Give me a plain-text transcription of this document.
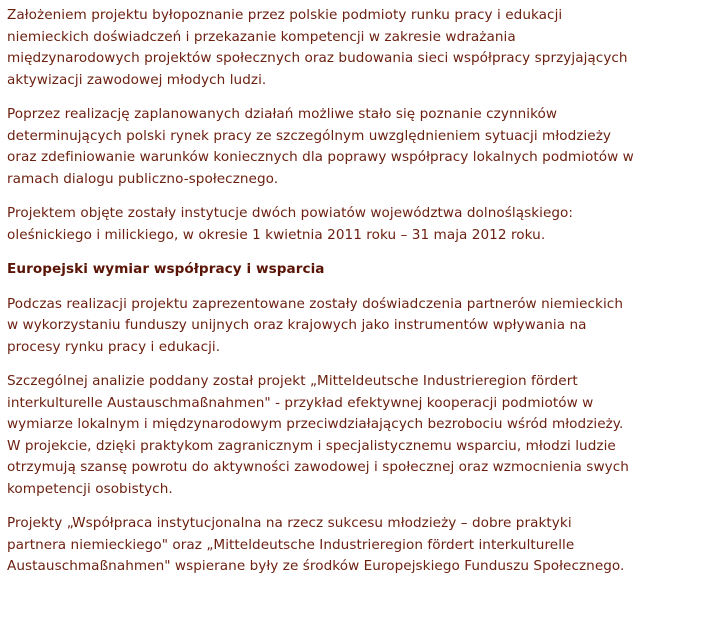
Założeniem projektu byłopoznanie przez polskie podmioty runku pracy i edukacji
niemieckich doświadczeń i przekazanie kompetencji w zakresie wdrażania
międzynarodowych projektów społecznych oraz budowania sieci współpracy sprzyjających
aktywizacji zawodowej młodych ludzi.

Poprzez realizację zaplanowanych działań możliwe stało się poznanie czynników
determinujących polski rynek pracy ze szczególnym uwzględnieniem sytuacji młodzieży
oraz zdefiniowanie warunków koniecznych dla poprawy współpracy lokalnych podmiotów w
ramach dialogu publiczno-społecznego.

Projektem objęte zostały instytucje dwóch powiatów województwa dolnośląskiego:
oleśnickiego i milickiego, w okresie 1 kwietnia 2011 roku – 31 maja 2012 roku.

Europejski wymiar współpracy i wsparcia

Podczas realizacji projektu zaprezentowane zostały doświadczenia partnerów niemieckich
w wykorzystaniu funduszy unijnych oraz krajowych jako instrumentów wpływania na
procesy rynku pracy i edukacji.

Szczególnej analizie poddany został projekt „Mitteldeutsche Industrieregion fördert
interkulturelle Austauschmaßnahmen" - przykład efektywnej kooperacji podmiotów w
wymiarze lokalnym i międzynarodowym przeciwdziałających bezrobociu wśród młodzieży.
W projekcie, dzięki praktykom zagranicznym i specjalistycznemu wsparciu, młodzi ludzie
otrzymują szansę powrotu do aktywności zawodowej i społecznej oraz wzmocnienia swych
kompetencji osobistych.

Projekty „Współpraca instytucjonalna na rzecz sukcesu młodzieży – dobre praktyki
partnera niemieckiego" oraz „Mitteldeutsche Industrieregion fördert interkulturelle
Austauschmaßnahmen" wspierane były ze środków Europejskiego Funduszu Społecznego.
